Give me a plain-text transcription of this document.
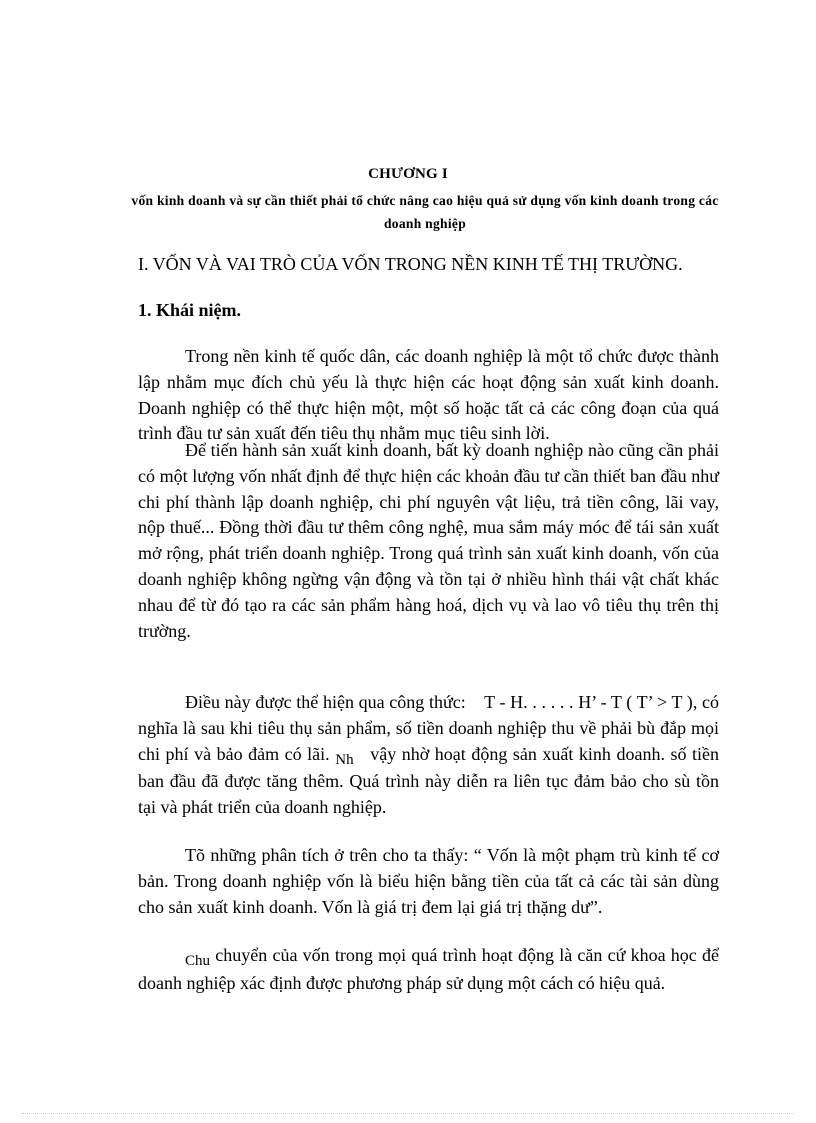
CHƯƠNG I
vốn kinh doanh và sự cần thiết phải tổ chức nâng cao hiệu quả sử dụng vốn kinh doanh trong các doanh nghiệp
I. VỐN VÀ VAI TRÒ CỦA VỐN TRONG NỀN KINH TẾ THỊ TRƯỜNG.
1. Khái niệm.

Trong nền kinh tế quốc dân, các doanh nghiệp là một tổ chức được thành lập nhằm mục đích chủ yếu là thực hiện các hoạt động sản xuất kinh doanh. Doanh nghiệp có thể thực hiện một, một số hoặc tất cả các công đoạn của quá trình đầu tư sản xuất đến tiêu thụ nhằm mục tiêu sinh lời.

Để tiến hành sản xuất kinh doanh, bất kỳ doanh nghiệp nào cũng cần phải có một lượng vốn nhất định để thực hiện các khoản đầu tư cần thiết ban đầu như chi phí thành lập doanh nghiệp, chi phí nguyên vật liệu, trả tiền công, lãi vay, nộp thuế... Đồng thời đầu tư thêm công nghệ, mua sắm máy móc để tái sản xuất mở rộng, phát triển doanh nghiệp. Trong quá trình sản xuất kinh doanh, vốn của doanh nghiệp không ngừng vận động và tồn tại ở nhiều hình thái vật chất khác nhau để từ đó tạo ra các sản phẩm hàng hoá, dịch vụ và lao vô tiêu thụ trên thị trường.

Điều này được thể hiện qua công thức: T - H. . . . . . H’ - T ( T’ > T ), có nghĩa là sau khi tiêu thụ sản phẩm, số tiền doanh nghiệp thu về phải bù đắp mọi chi phí và bảo đảm có lãi. $_{Nh}$ vậy nhờ hoạt động sản xuất kinh doanh. số tiền ban đầu đã được tăng thêm. Quá trình này diễn ra liên tục đảm bảo cho sù tồn tại và phát triển của doanh nghiệp.

Tõ những phân tích ở trên cho ta thấy: “ Vốn là một phạm trù kinh tế cơ bản. Trong doanh nghiệp vốn là biểu hiện bằng tiền của tất cả các tài sản dùng cho sản xuất kinh doanh. Vốn là giá trị đem lại giá trị thặng dư”.

$_{Chu}$ chuyển của vốn trong mọi quá trình hoạt động là căn cứ khoa học để doanh nghiệp xác định được phương pháp sử dụng một cách có hiệu quả.
